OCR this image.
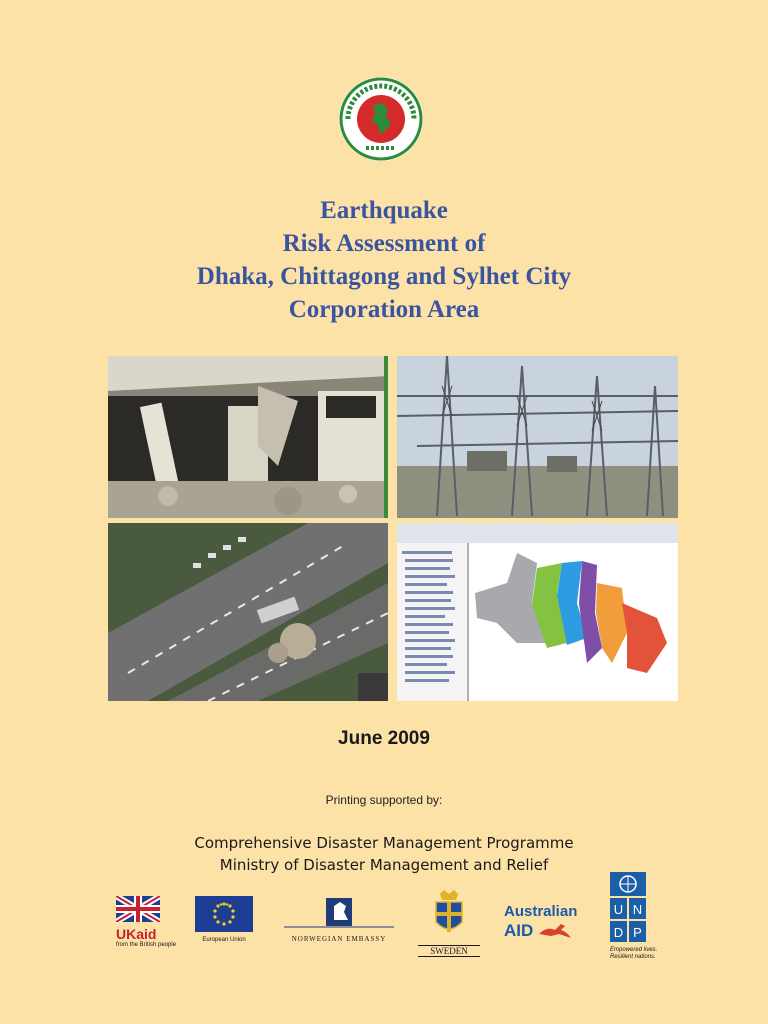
Earthquake
Risk Assessment of
Dhaka, Chittagong and Sylhet City
Corporation Area
June 2009
Printing supported by:
Comprehensive Disaster Management Programme
Ministry of Disaster Management and Relief
UKaid
from the British people
European Union	NORWEGIAN EMBASSY
SWEDEN
Australian
AID
U N
D P
Empowered lives.
Resilient nations.
